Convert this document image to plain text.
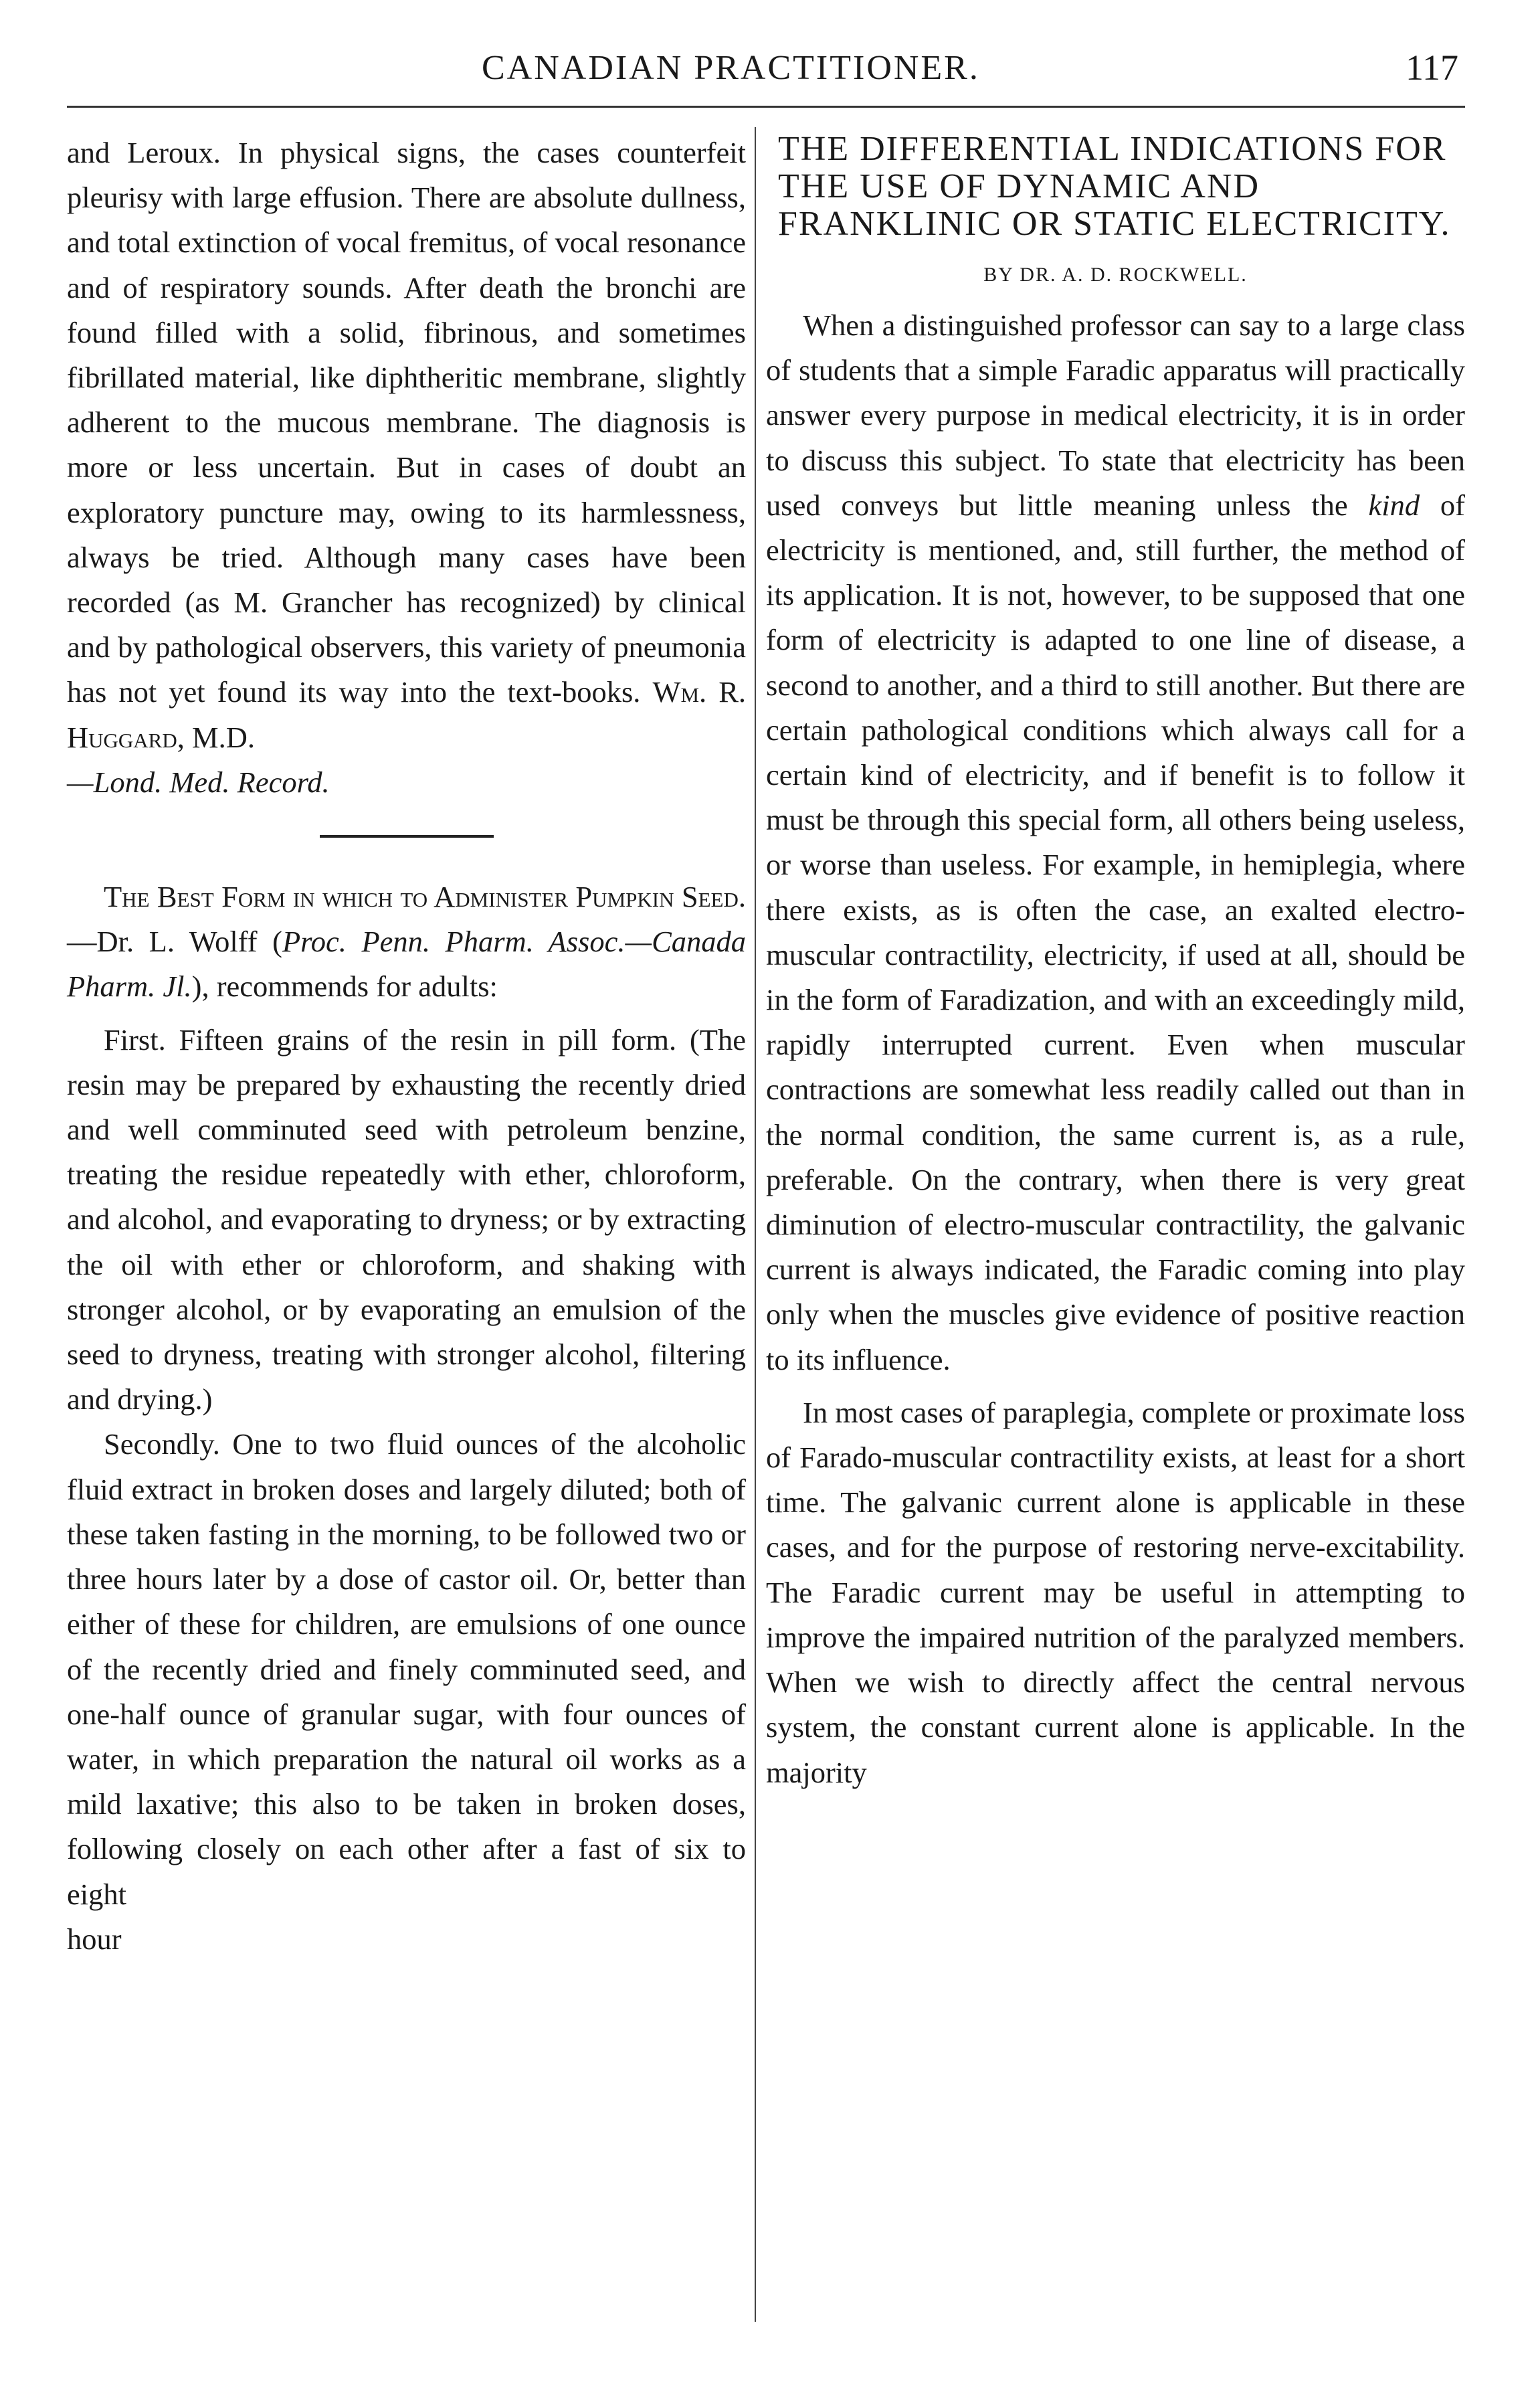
CANADIAN PRACTITIONER.	117

and Leroux. In physical signs, the cases counterfeit pleurisy with large effusion. There are absolute dullness, and total extinction of vocal fremitus, of vocal resonance and of respiratory sounds. After death the bronchi are found filled with a solid, fibrinous, and sometimes fibrillated material, like diphtheritic membrane, slightly adherent to the mucous membrane. The diagnosis is more or less uncertain. But in cases of doubt an exploratory puncture may, owing to its harmlessness, always be tried. Although many cases have been recorded (as M. Grancher has recognized) by clinical and by pathological observers, this variety of pneumonia has not yet found its way into the text-books. Wm. R. Huggard, M.D.

—Lond. Med. Record.

The Best Form in which to Administer Pumpkin Seed.—Dr. L. Wolff (Proc. Penn. Pharm. Assoc.—Canada Pharm. Jl.), recommends for adults:

First. Fifteen grains of the resin in pill form. (The resin may be prepared by exhausting the recently dried and well comminuted seed with petroleum benzine, treating the residue repeatedly with ether, chloroform, and alcohol, and evaporating to dryness; or by extracting the oil with ether or chloroform, and shaking with stronger alcohol, or by evaporating an emulsion of the seed to dryness, treating with stronger alcohol, filtering and drying.)

Secondly. One to two fluid ounces of the alcoholic fluid extract in broken doses and largely diluted; both of these taken fasting in the morning, to be followed two or three hours later by a dose of castor oil. Or, better than either of these for children, are emulsions of one ounce of the recently dried and finely comminuted seed, and one-half ounce of granular sugar, with four ounces of water, in which preparation the natural oil works as a mild laxative; this also to be taken in broken doses, following closely on each other after a fast of six to eight

hour

THE DIFFERENTIAL INDICATIONS FOR THE USE OF DYNAMIC AND FRANKLINIC OR STATIC ELECTRICITY.

BY DR. A. D. ROCKWELL.

When a distinguished professor can say to a large class of students that a simple Faradic apparatus will practically answer every purpose in medical electricity, it is in order to discuss this subject. To state that electricity has been used conveys but little meaning unless the kind of electricity is mentioned, and, still further, the method of its application. It is not, however, to be supposed that one form of electricity is adapted to one line of disease, a second to another, and a third to still another. But there are certain pathological conditions which always call for a certain kind of electricity, and if benefit is to follow it must be through this special form, all others being useless, or worse than useless. For example, in hemiplegia, where there exists, as is often the case, an exalted electro-muscular contractility, electricity, if used at all, should be in the form of Faradization, and with an exceedingly mild, rapidly interrupted current. Even when muscular contractions are somewhat less readily called out than in the normal condition, the same current is, as a rule, preferable. On the contrary, when there is very great diminution of electro-muscular contractility, the galvanic current is always indicated, the Faradic coming into play only when the muscles give evidence of positive reaction to its influence.

In most cases of paraplegia, complete or proximate loss of Farado-muscular contractility exists, at least for a short time. The galvanic current alone is applicable in these cases, and for the purpose of restoring nerve-excitability. The Faradic current may be useful in attempting to improve the impaired nutrition of the paralyzed members. When we wish to directly affect the central nervous system, the constant current alone is applicable. In the majority
